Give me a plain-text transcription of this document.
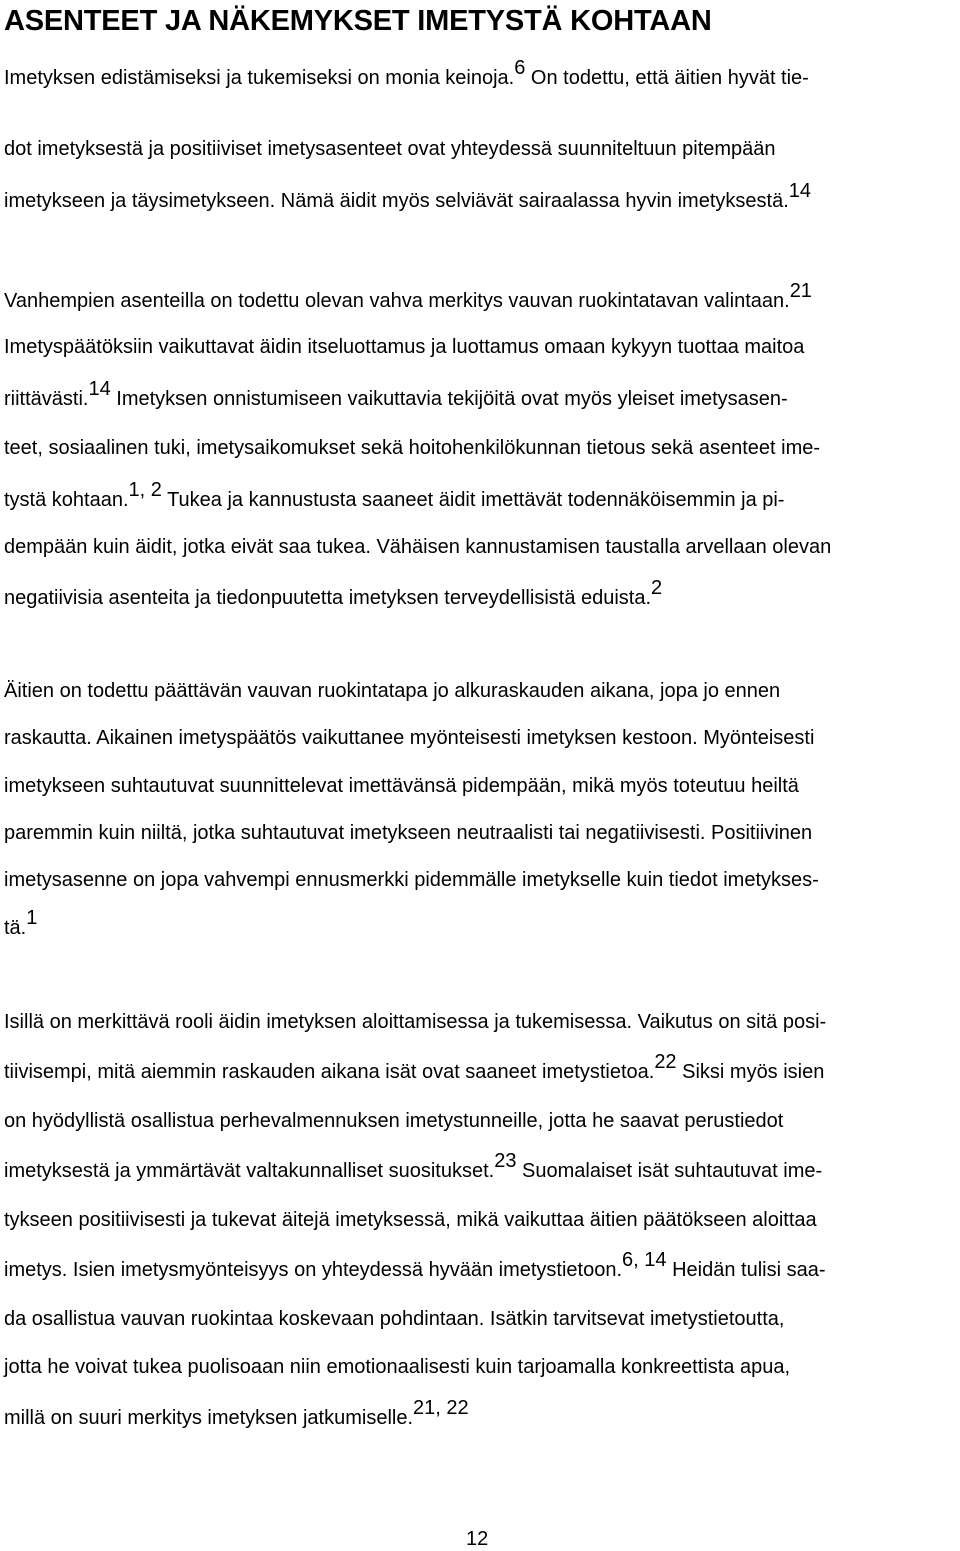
ASENTEET JA NÄKEMYKSET IMETYSTÄ KOHTAAN

Imetyksen edistämiseksi ja tukemiseksi on monia keinoja.6 On todettu, että äitien hyvät tie-

dot imetyksestä ja positiiviset imetysasenteet ovat yhteydessä suunniteltuun pitempään

imetykseen ja täysimetykseen. Nämä äidit myös selviävät sairaalassa hyvin imetyksestä.14

Vanhempien asenteilla on todettu olevan vahva merkitys vauvan ruokintatavan valintaan.21

Imetyspäätöksiin vaikuttavat äidin itseluottamus ja luottamus omaan kykyyn tuottaa maitoa

riittävästi.14 Imetyksen onnistumiseen vaikuttavia tekijöitä ovat myös yleiset imetysasen-

teet, sosiaalinen tuki, imetysaikomukset sekä hoitohenkilökunnan tietous sekä asenteet ime-

tystä kohtaan.1, 2 Tukea ja kannustusta saaneet äidit imettävät todennäköisemmin ja pi-

dempään kuin äidit, jotka eivät saa tukea. Vähäisen kannustamisen taustalla arvellaan olevan

negatiivisia asenteita ja tiedonpuutetta imetyksen terveydellisistä eduista.2

Äitien on todettu päättävän vauvan ruokintatapa jo alkuraskauden aikana, jopa jo ennen

raskautta. Aikainen imetyspäätös vaikuttanee myönteisesti imetyksen kestoon. Myönteisesti

imetykseen suhtautuvat suunnittelevat imettävänsä pidempään, mikä myös toteutuu heiltä

paremmin kuin niiltä, jotka suhtautuvat imetykseen neutraalisti tai negatiivisesti. Positiivinen

imetysasenne on jopa vahvempi ennusmerkki pidemmälle imetykselle kuin tiedot imetykses-

tä.1

Isillä on merkittävä rooli äidin imetyksen aloittamisessa ja tukemisessa. Vaikutus on sitä posi-

tiivisempi, mitä aiemmin raskauden aikana isät ovat saaneet imetystietoa.22 Siksi myös isien

on hyödyllistä osallistua perhevalmennuksen imetystunneille, jotta he saavat perustiedot

imetyksestä ja ymmärtävät valtakunnalliset suositukset.23 Suomalaiset isät suhtautuvat ime-

tykseen positiivisesti ja tukevat äitejä imetyksessä, mikä vaikuttaa äitien päätökseen aloittaa

imetys. Isien imetysmyönteisyys on yhteydessä hyvään imetystietoon.6, 14 Heidän tulisi saa-

da osallistua vauvan ruokintaa koskevaan pohdintaan. Isätkin tarvitsevat imetystietoutta,

jotta he voivat tukea puolisoaan niin emotionaalisesti kuin tarjoamalla konkreettista apua,

millä on suuri merkitys imetyksen jatkumiselle.21, 22

12
